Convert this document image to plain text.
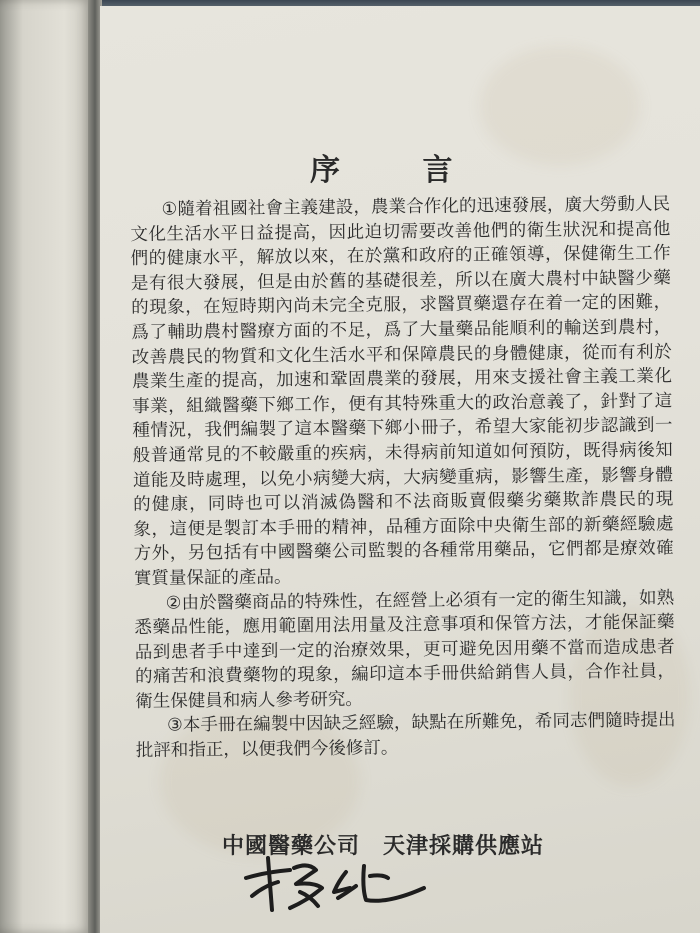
序 言

①隨着祖國社會主義建設，農業合作化的迅速發展，廣大勞動人民文化生活水平日益提高，因此迫切需要改善他們的衛生狀況和提高他們的健康水平，解放以來，在於黨和政府的正確領導，保健衛生工作是有很大發展，但是由於舊的基礎很差，所以在廣大農村中缺醫少藥的現象，在短時期內尚未完全克服，求醫買藥還存在着一定的困難，爲了輔助農村醫療方面的不足，爲了大量藥品能順利的輸送到農村，改善農民的物質和文化生活水平和保障農民的身體健康，從而有利於農業生產的提高，加速和鞏固農業的發展，用來支援社會主義工業化事業，組織醫藥下鄉工作，便有其特殊重大的政治意義了，針對了這種情況，我們編製了這本醫藥下鄉小冊子，希望大家能初步認識到一般普通常見的不較嚴重的疾病，未得病前知道如何預防，既得病後知道能及時處理，以免小病變大病，大病變重病，影響生產，影響身體的健康，同時也可以消滅偽醫和不法商販賣假藥劣藥欺詐農民的現象，這便是製訂本手冊的精神，品種方面除中央衛生部的新藥經驗處方外，另包括有中國醫藥公司監製的各種常用藥品，它們都是療效確實質量保証的產品。

②由於醫藥商品的特殊性，在經營上必須有一定的衛生知識，如熟悉藥品性能，應用範圍用法用量及注意事項和保管方法，才能保証藥品到患者手中達到一定的治療效果，更可避免因用藥不當而造成患者的痛苦和浪費藥物的現象，編印這本手冊供給銷售人員，合作社員，衛生保健員和病人參考研究。

③本手冊在編製中因缺乏經驗，缺點在所難免，希同志們隨時提出批評和指正，以便我們今後修訂。

中國醫藥公司　天津採購供應站
